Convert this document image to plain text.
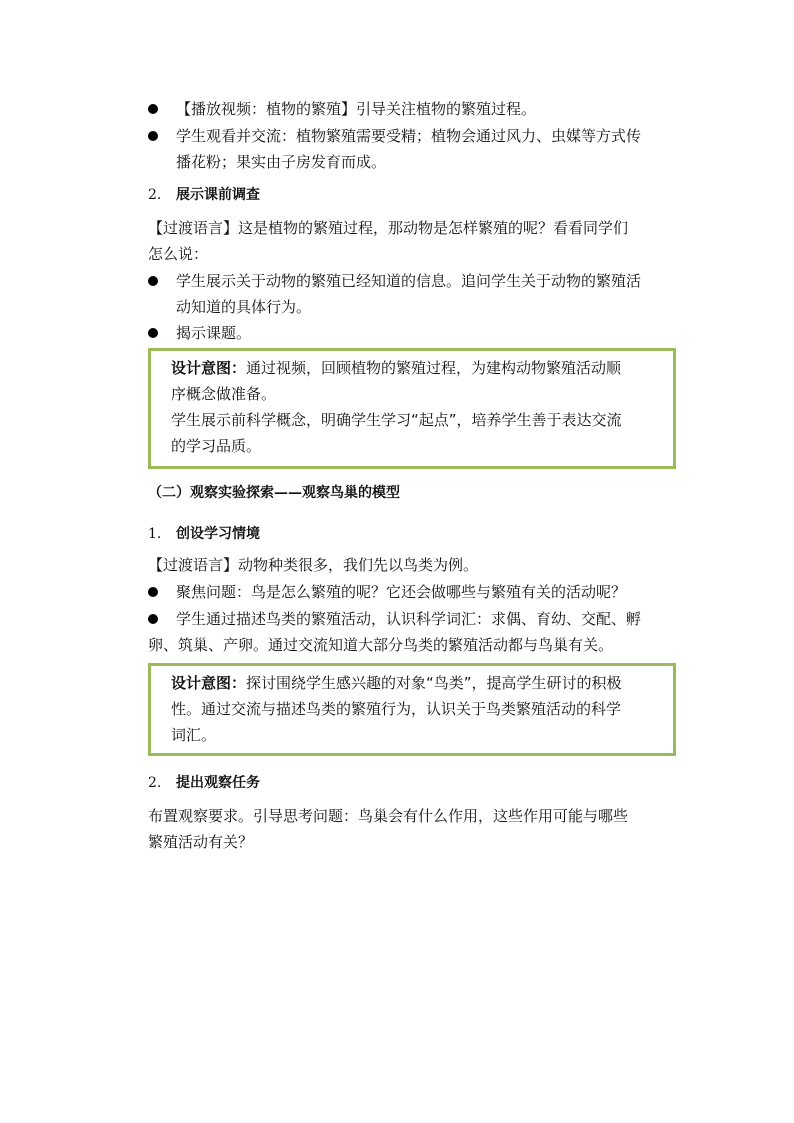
【播放视频：植物的繁殖】引导关注植物的繁殖过程。
学生观看并交流：植物繁殖需要受精；植物会通过风力、虫媒等方式传
播花粉；果实由子房发育而成。
2. 展示课前调查
【过渡语言】这是植物的繁殖过程，那动物是怎样繁殖的呢？看看同学们
怎么说：
学生展示关于动物的繁殖已经知道的信息。追问学生关于动物的繁殖活
动知道的具体行为。
揭示课题。
设计意图：通过视频，回顾植物的繁殖过程，为建构动物繁殖活动顺
序概念做准备。
学生展示前科学概念，明确学生学习“起点”，培养学生善于表达交流
的学习品质。
（二）观察实验探索——观察鸟巢的模型
1. 创设学习情境
【过渡语言】动物种类很多，我们先以鸟类为例。
聚焦问题：鸟是怎么繁殖的呢？它还会做哪些与繁殖有关的活动呢？
学生通过描述鸟类的繁殖活动，认识科学词汇：求偶、育幼、交配、孵
卵、筑巢、产卵。通过交流知道大部分鸟类的繁殖活动都与鸟巢有关。
设计意图：探讨围绕学生感兴趣的对象“鸟类”，提高学生研讨的积极
性。通过交流与描述鸟类的繁殖行为，认识关于鸟类繁殖活动的科学
词汇。
2. 提出观察任务
布置观察要求。引导思考问题：鸟巢会有什么作用，这些作用可能与哪些
繁殖活动有关？
